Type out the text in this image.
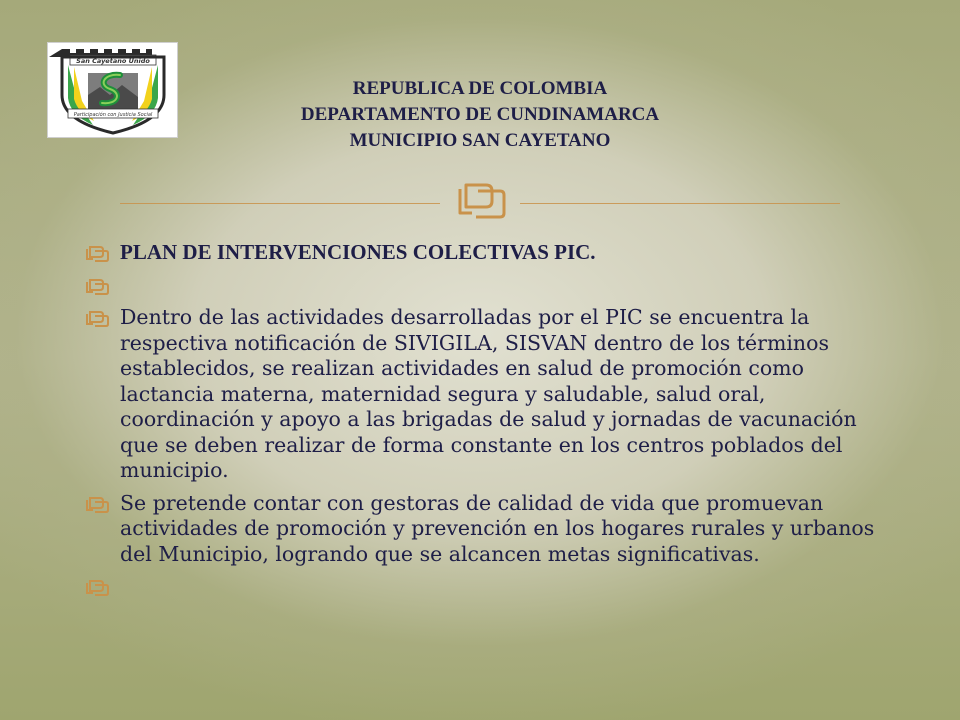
San Cayetano Unido
Participación con Justicia Social
REPUBLICA DE COLOMBIA
DEPARTAMENTO DE CUNDINAMARCA
MUNICIPIO SAN CAYETANO
PLAN DE INTERVENCIONES COLECTIVAS PIC.
Dentro de las actividades desarrolladas por el PIC se encuentra la respectiva notificación de SIVIGILA, SISVAN dentro de los términos establecidos, se realizan actividades en salud de promoción como lactancia materna, maternidad segura y saludable, salud oral, coordinación y apoyo a las brigadas de salud y jornadas de vacunación que se deben realizar de forma constante en los centros poblados del municipio.
Se pretende contar con gestoras de calidad de vida que promuevan actividades de promoción y prevención en los hogares rurales y urbanos del Municipio, logrando que se alcancen metas significativas.
